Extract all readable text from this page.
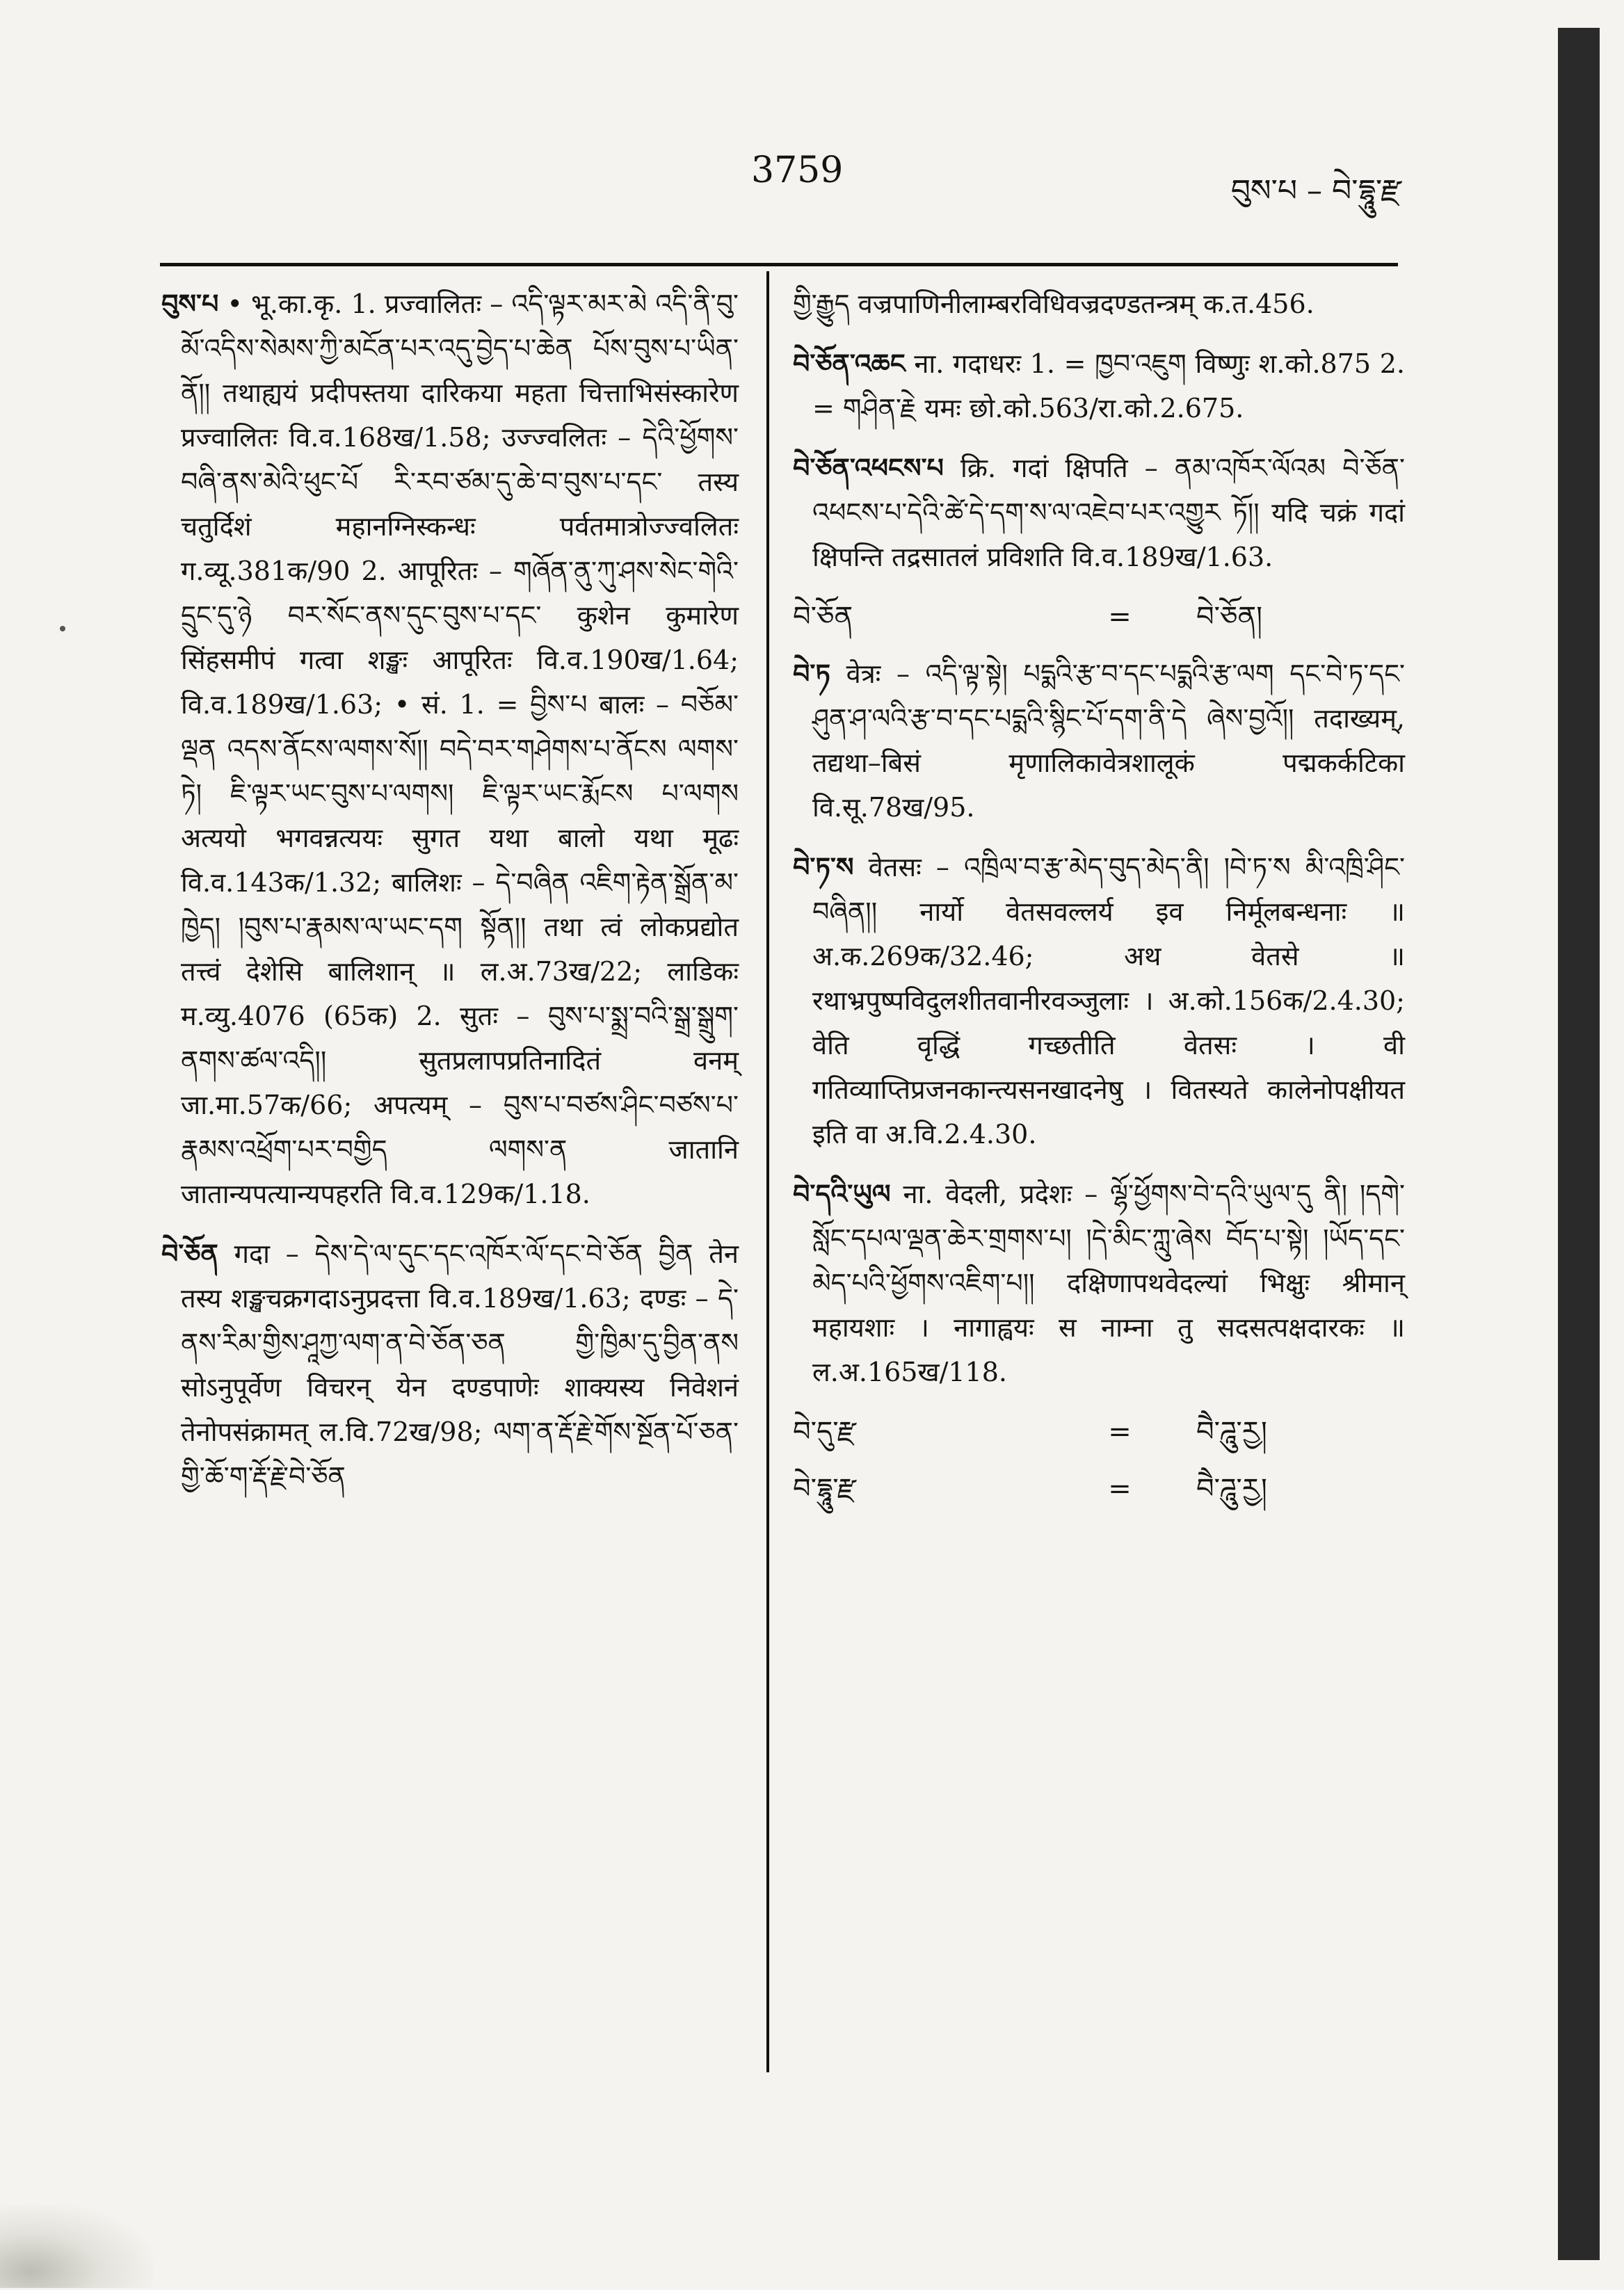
3759	བུས་པ – བེ་དྷཱུ་རྫ

བུས་པ • भू.का.कृ. 1. प्रज्वालितः – འདི་ལྟར་མར་མེ འདི་ནི་བུ་མོ་འདིས་སེམས་ཀྱི་མངོན་པར་འདུ་བྱེད་པ་ཆེན པོས་བུས་པ་ཡིན་ནོ།། तथाह्ययं प्रदीपस्तया दारिकया महता चित्ताभिसंस्कारेण प्रज्वालितः वि.व.168ख/1.58; उज्ज्वलितः – དེའི་ཕྱོགས་བཞི་ནས་མེའི་ཕུང་པོ རི་རབ་ཙམ་དུ་ཆེ་བ་བུས་པ་དང་ तस्य चतुर्दिशं महानग्निस्कन्धः पर्वतमात्रोज्ज्वलितः ग.व्यू.381क/90 2. आपूरितः – གཞོན་ནུ་ཀུ་ཤས་སེང་གེའི་དྲུང་དུ་ཉེ བར་སོང་ནས་དུང་བུས་པ་དང་ कुशेन कुमारेण सिंहसमीपं गत्वा शङ्खः आपूरितः वि.व.190ख/1.64; वि.व.189ख/1.63; • सं. 1. = བྱིས་པ बालः – བཅོམ་ལྡན འདས་ནོངས་ལགས་སོ།། བདེ་བར་གཤེགས་པ་ནོངས ལགས་ཏེ། ཇི་ལྟར་ཡང་བུས་པ་ལགས། ཇི་ལྟར་ཡང་རྨོངས པ་ལགས अत्ययो भगवन्नत्ययः सुगत यथा बालो यथा मूढः वि.व.143क/1.32; बालिशः – དེ་བཞིན འཇིག་རྟེན་སྒྲོན་མ་ཁྱེད། །བུས་པ་རྣམས་ལ་ཡང་དག སྟོན།། तथा त्वं लोकप्रद्योत तत्त्वं देशेसि बालिशान् ॥ ल.अ.73ख/22; लाडिकः म.व्यु.4076 (65क) 2. सुतः – བུས་པ་སྨྲ་བའི་སྒྲ་སྒྲུག་ནགས་ཚལ་འདི།། सुतप्रलापप्रतिनादितं वनम् जा.मा.57क/66; अपत्यम् – བུས་པ་བཙས་ཤིང་བཙས་པ་རྣམས་འཕྲོག་པར་བགྱིད ལགས་ན जातानि जातान्यपत्यान्यपहरति वि.व.129क/1.18.

བེ་ཅོན गदा – དེས་དེ་ལ་དུང་དང་འཁོར་ལོ་དང་བེ་ཅོན བྱིན तेन तस्य शङ्खचक्रगदाऽनुप्रदत्ता वि.व.189ख/1.63; दण्डः – དེ་ནས་རིམ་གྱིས་ཤཱཀྱ་ལག་ན་བེ་ཅོན་ཅན གྱི་ཁྱིམ་དུ་བྱིན་ནས सोऽनुपूर्वेण विचरन् येन दण्डपाणेः शाक्यस्य निवेशनं तेनोपसंक्रामत् ल.वि.72ख/98; ལག་ན་རྡོ་རྗེ་གོས་སྔོན་པོ་ཅན་གྱི་ཆོ་ག་རྡོ་རྗེ་བེ་ཅོན

གྱི་རྒྱུད वज्रपाणिनीलाम्बरविधिवज्रदण्डतन्त्रम् क.त.456.

བེ་ཅོན་འཆང ना. गदाधरः 1. = ཁྱབ་འཇུག विष्णुः श.को.875 2. = གཤིན་རྗེ यमः छो.को.563/रा.को.2.675.

བེ་ཅོན་འཕངས་པ क्रि. गदां क्षिपति – ནམ་འཁོར་ལོའམ བེ་ཅོན་འཕངས་པ་དེའི་ཚེ་དེ་དག་ས་ལ་འཇེབ་པར་འགྱུར ཏོ།། यदि चक्रं गदां क्षिपन्ति तद्रसातलं प्रविशति वि.व.189ख/1.63.

བེ་ཅོན	=	བེ་ཅོན།

བེ་ཏ वेत्रः – འདི་ལྟ་སྟེ། པདྨའི་རྩ་བ་དང་པདྨའི་རྩ་ལག དང་བེ་ཏ་དང་ཤུན་ཤ་ལའི་རྩ་བ་དང་པདྨའི་སྙིང་པོ་དག་ནི་དེ ཞེས་བྱའོ།། तदाख्यम्, तद्यथा–बिसं मृणालिकावेत्रशालूकं पद्मकर्कटिका वि.सू.78ख/95.

བེ་ཏ་ས वेतसः – འཁྲིལ་བ་རྩ་མེད་བུད་མེད་ནི། །བེ་ཏ་ས མི་འཁྲི་ཤིང་བཞིན།། नार्यो वेतसवल्लर्य इव निर्मूलबन्धनाः ॥ अ.क.269क/32.46; अथ वेतसे ॥ रथाभ्रपुष्पविदुलशीतवानीरवञ्जुलाः । अ.को.156क/2.4.30; वेति वृद्धिं गच्छतीति वेतसः । वी गतिव्याप्तिप्रजनकान्त्यसनखादनेषु । वितस्यते कालेनोपक्षीयत इति वा अ.वि.2.4.30.

བེ་དའི་ཡུལ ना. वेदली, प्रदेशः – ལྷོ་ཕྱོགས་བེ་དའི་ཡུལ་དུ ནི། །དགེ་སློང་དཔལ་ལྡན་ཆེར་གྲགས་པ། །དེ་མིང་ཀླུ་ཞེས བོད་པ་སྟེ། །ཡོད་དང་མེད་པའི་ཕྱོགས་འཇིག་པ།། दक्षिणापथवेदल्यां भिक्षुः श्रीमान् महायशाः । नागाह्वयः स नाम्ना तु सदसत्पक्षदारकः ॥ ल.अ.165ख/118.

བེ་དུ་རྫ	=	བཻ་ཌཱུ་རྱ།
བེ་དྷཱུ་རྫ	=	བཻ་ཌཱུ་རྱ།
